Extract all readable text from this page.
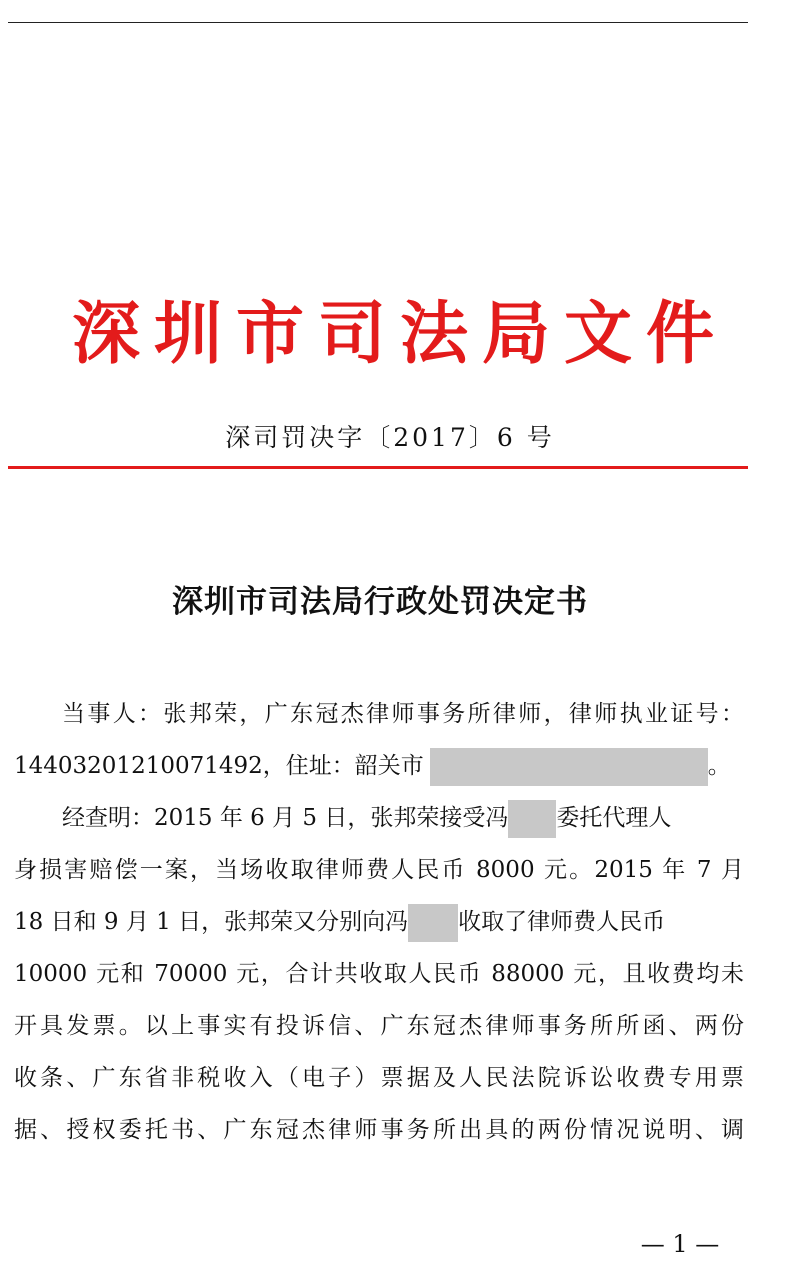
深圳市司法局文件
深司罚决字〔2017〕6 号
深圳市司法局行政处罚决定书
当事人：张邦荣，广东冠杰律师事务所律师，律师执业证号：
14403201210071492，住址：韶关市	。
经查明：2015 年 6 月 5 日，张邦荣接受冯 委托代理人
身损害赔偿一案，当场收取律师费人民币 8000 元。2015 年 7 月
18 日和 9 月 1 日，张邦荣又分别向冯 收取了律师费人民币
10000 元和 70000 元，合计共收取人民币 88000 元，且收费均未
开具发票。以上事实有投诉信、广东冠杰律师事务所所函、两份
收条、广东省非税收入（电子）票据及人民法院诉讼收费专用票
据、授权委托书、广东冠杰律师事务所出具的两份情况说明、调
— 1 —
